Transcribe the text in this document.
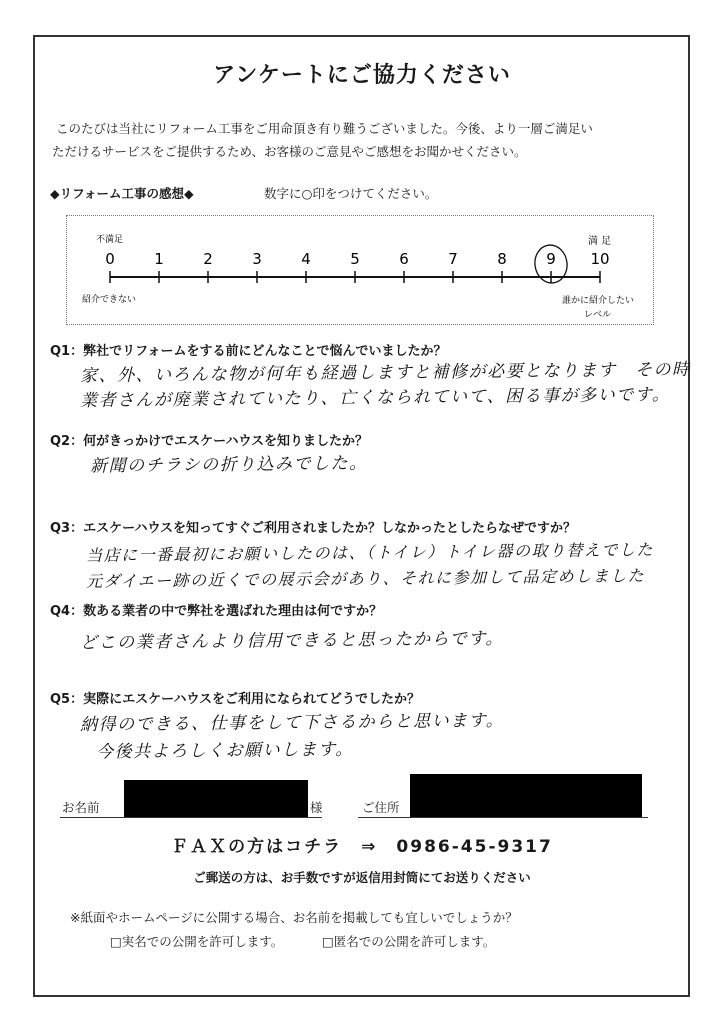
アンケートにご協力ください
このたびは当社にリフォーム工事をご用命頂き有り難うございました。今後、より一層ご満足い
ただけるサービスをご提供するため、お客様のご意見やご感想をお聞かせください。
◆リフォーム工事の感想◆	数字に○印をつけてください。
不満足	満 足
0	1	2	3	4	5	6	7	8	9 10
紹介できない	誰かに紹介したい
レベル
Q1：弊社でリフォームをする前にどんなことで悩んでいましたか？
家、外、いろんな物が何年も経過しますと補修が必要となります　その時
業者さんが廃業されていたり、亡くなられていて、困る事が多いです。
Q2：何がきっかけでエスケーハウスを知りましたか？
新聞のチラシの折り込みでした。
Q3：エスケーハウスを知ってすぐご利用されましたか？しなかったとしたらなぜですか？
当店に一番最初にお願いしたのは、（トイレ）トイレ器の取り替えでした
元ダイエー跡の近くでの展示会があり、それに参加して品定めしました
Q4：数ある業者の中で弊社を選ばれた理由は何ですか？
どこの業者さんより信用できると思ったからです。
Q5：実際にエスケーハウスをご利用になられてどうでしたか？
納得のできる、仕事をして下さるからと思います。
今後共よろしくお願いします。
お名前	様	ご住所
ＦＡＸの方はコチラ　⇒　0986-45-9317
ご郵送の方は、お手数ですが返信用封筒にてお送りください
※紙面やホームページに公開する場合、お名前を掲載しても宜しいでしょうか？
□実名での公開を許可します。	□匿名での公開を許可します。
